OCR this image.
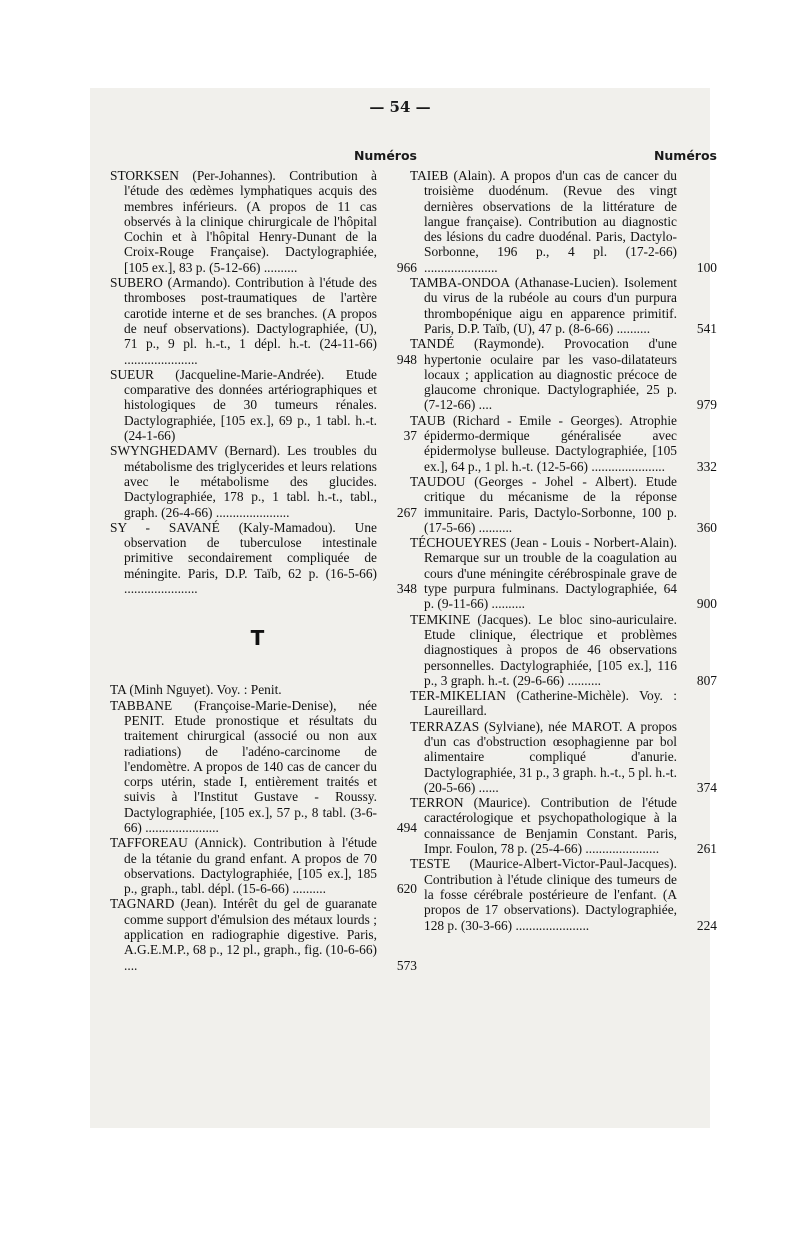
— 54 —
Numéros
STORKSEN (Per-Johannes). Contribution à l'étude des œdèmes lymphatiques acquis des membres inférieurs. (A propos de 11 cas observés à la clinique chirurgicale de l'hôpital Cochin et à l'hôpital Henry-Dunant de la Croix-Rouge Française). Dactylographiée, [105 ex.], 83 p. (5-12-66) ..........	966
SUBERO (Armando). Contribution à l'étude des thromboses post-traumatiques de l'artère carotide interne et de ses branches. (A propos de neuf observations). Dactylographiée, (U), 71 p., 9 pl. h.-t., 1 dépl. h.-t. (24-11-66) ......................	948
SUEUR (Jacqueline-Marie-Andrée). Etude comparative des données artériographiques et histologiques de 30 tumeurs rénales. Dactylographiée, [105 ex.], 69 p., 1 tabl. h.-t. (24-1-66)	37
SWYNGHEDAMV (Bernard). Les troubles du métabolisme des triglycerides et leurs relations avec le métabolisme des glucides. Dactylographiée, 178 p., 1 tabl. h.-t., tabl., graph. (26-4-66) ......................	267
SY - SAVANÉ (Kaly-Mamadou). Une observation de tuberculose intestinale primitive secondairement compliquée de méningite. Paris, D.P. Taïb, 62 p. (16-5-66) ......................	348
T
TA (Minh Nguyet). Voy. : Penit.
TABBANE (Françoise-Marie-Denise), née PENIT. Etude pronostique et résultats du traitement chirurgical (associé ou non aux radiations) de l'adéno-carcinome de l'endomètre. A propos de 140 cas de cancer du corps utérin, stade I, entièrement traités et suivis à l'Institut Gustave - Roussy. Dactylographiée, [105 ex.], 57 p., 8 tabl. (3-6-66) ......................	494
TAFFOREAU (Annick). Contribution à l'étude de la tétanie du grand enfant. A propos de 70 observations. Dactylographiée, [105 ex.], 185 p., graph., tabl. dépl. (15-6-66) ..........	620
TAGNARD (Jean). Intérêt du gel de guaranate comme support d'émulsion des métaux lourds ; application en radiographie digestive. Paris, A.G.E.M.P., 68 p., 12 pl., graph., fig. (10-6-66) ....	573
Numéros
TAIEB (Alain). A propos d'un cas de cancer du troisième duodénum. (Revue des vingt dernières observations de la littérature de langue française). Contribution au diagnostic des lésions du cadre duodénal. Paris, Dactylo-Sorbonne, 196 p., 4 pl. (17-2-66) ......................	100
TAMBA-ONDOA (Athanase-Lucien). Isolement du virus de la rubéole au cours d'un purpura thrombopénique aigu en apparence primitif. Paris, D.P. Taïb, (U), 47 p. (8-6-66) ..........	541
TANDÉ (Raymonde). Provocation d'une hypertonie oculaire par les vaso-dilatateurs locaux ; application au diagnostic précoce de glaucome chronique. Dactylographiée, 25 p. (7-12-66) ....	979
TAUB (Richard - Emile - Georges). Atrophie épidermo-dermique généralisée avec épidermolyse bulleuse. Dactylographiée, [105 ex.], 64 p., 1 pl. h.-t. (12-5-66) ...................... 332
TAUDOU (Georges - Johel - Albert). Etude critique du mécanisme de la réponse immunitaire. Paris, Dactylo-Sorbonne, 100 p. (17-5-66) ..........	360
TÉCHOUEYRES (Jean - Louis - Norbert-Alain). Remarque sur un trouble de la coagulation au cours d'une méningite cérébrospinale grave de type purpura fulminans. Dactylographiée, 64 p. (9-11-66) ..........	900
TEMKINE (Jacques). Le bloc sino-auriculaire. Etude clinique, électrique et problèmes diagnostiques à propos de 46 observations personnelles. Dactylographiée, [105 ex.], 116 p., 3 graph. h.-t. (29-6-66) ..........	807
TER-MIKELIAN (Catherine-Michèle). Voy. : Laureillard.
TERRAZAS (Sylviane), née MAROT. A propos d'un cas d'obstruction œsophagienne par bol alimentaire compliqué d'anurie. Dactylographiée, 31 p., 3 graph. h.-t., 5 pl. h.-t. (20-5-66) ......	374
TERRON (Maurice). Contribution de l'étude caractérologique et psychopathologique à la connaissance de Benjamin Constant. Paris, Impr. Foulon, 78 p. (25-4-66) ......................	261
TESTE (Maurice-Albert-Victor-Paul-Jacques). Contribution à l'étude clinique des tumeurs de la fosse cérébrale postérieure de l'enfant. (A propos de 17 observations). Dactylographiée, 128 p. (30-3-66) ......................	224
